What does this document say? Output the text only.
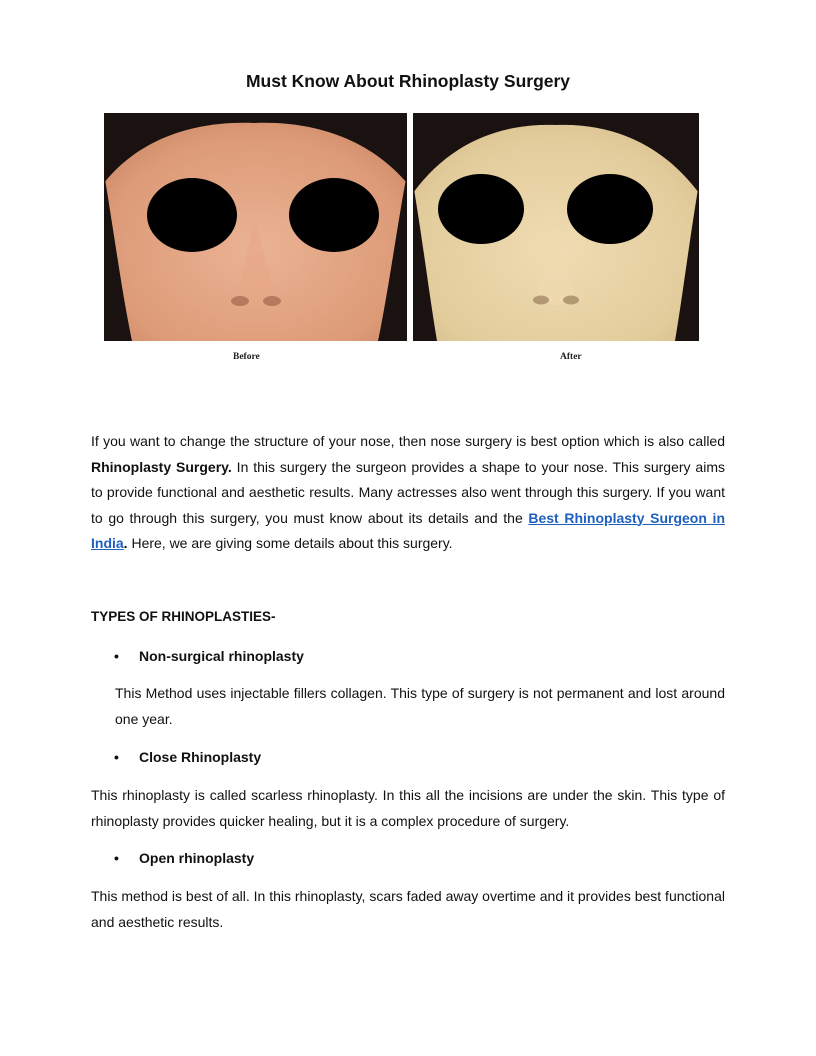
Must Know About Rhinoplasty Surgery
Before	After

If you want to change the structure of your nose, then nose surgery is best option which is also called Rhinoplasty Surgery. In this surgery the surgeon provides a shape to your nose. This surgery aims to provide functional and aesthetic results. Many actresses also went through this surgery. If you want to go through this surgery, you must know about its details and the Best Rhinoplasty Surgeon in India. Here, we are giving some details about this surgery.

TYPES OF RHINOPLASTIES-

• Non-surgical rhinoplasty

This Method uses injectable fillers collagen. This type of surgery is not permanent and lost around one year.

• Close Rhinoplasty

This rhinoplasty is called scarless rhinoplasty. In this all the incisions are under the skin. This type of rhinoplasty provides quicker healing, but it is a complex procedure of surgery.

• Open rhinoplasty

This method is best of all. In this rhinoplasty, scars faded away overtime and it provides best functional and aesthetic results.
